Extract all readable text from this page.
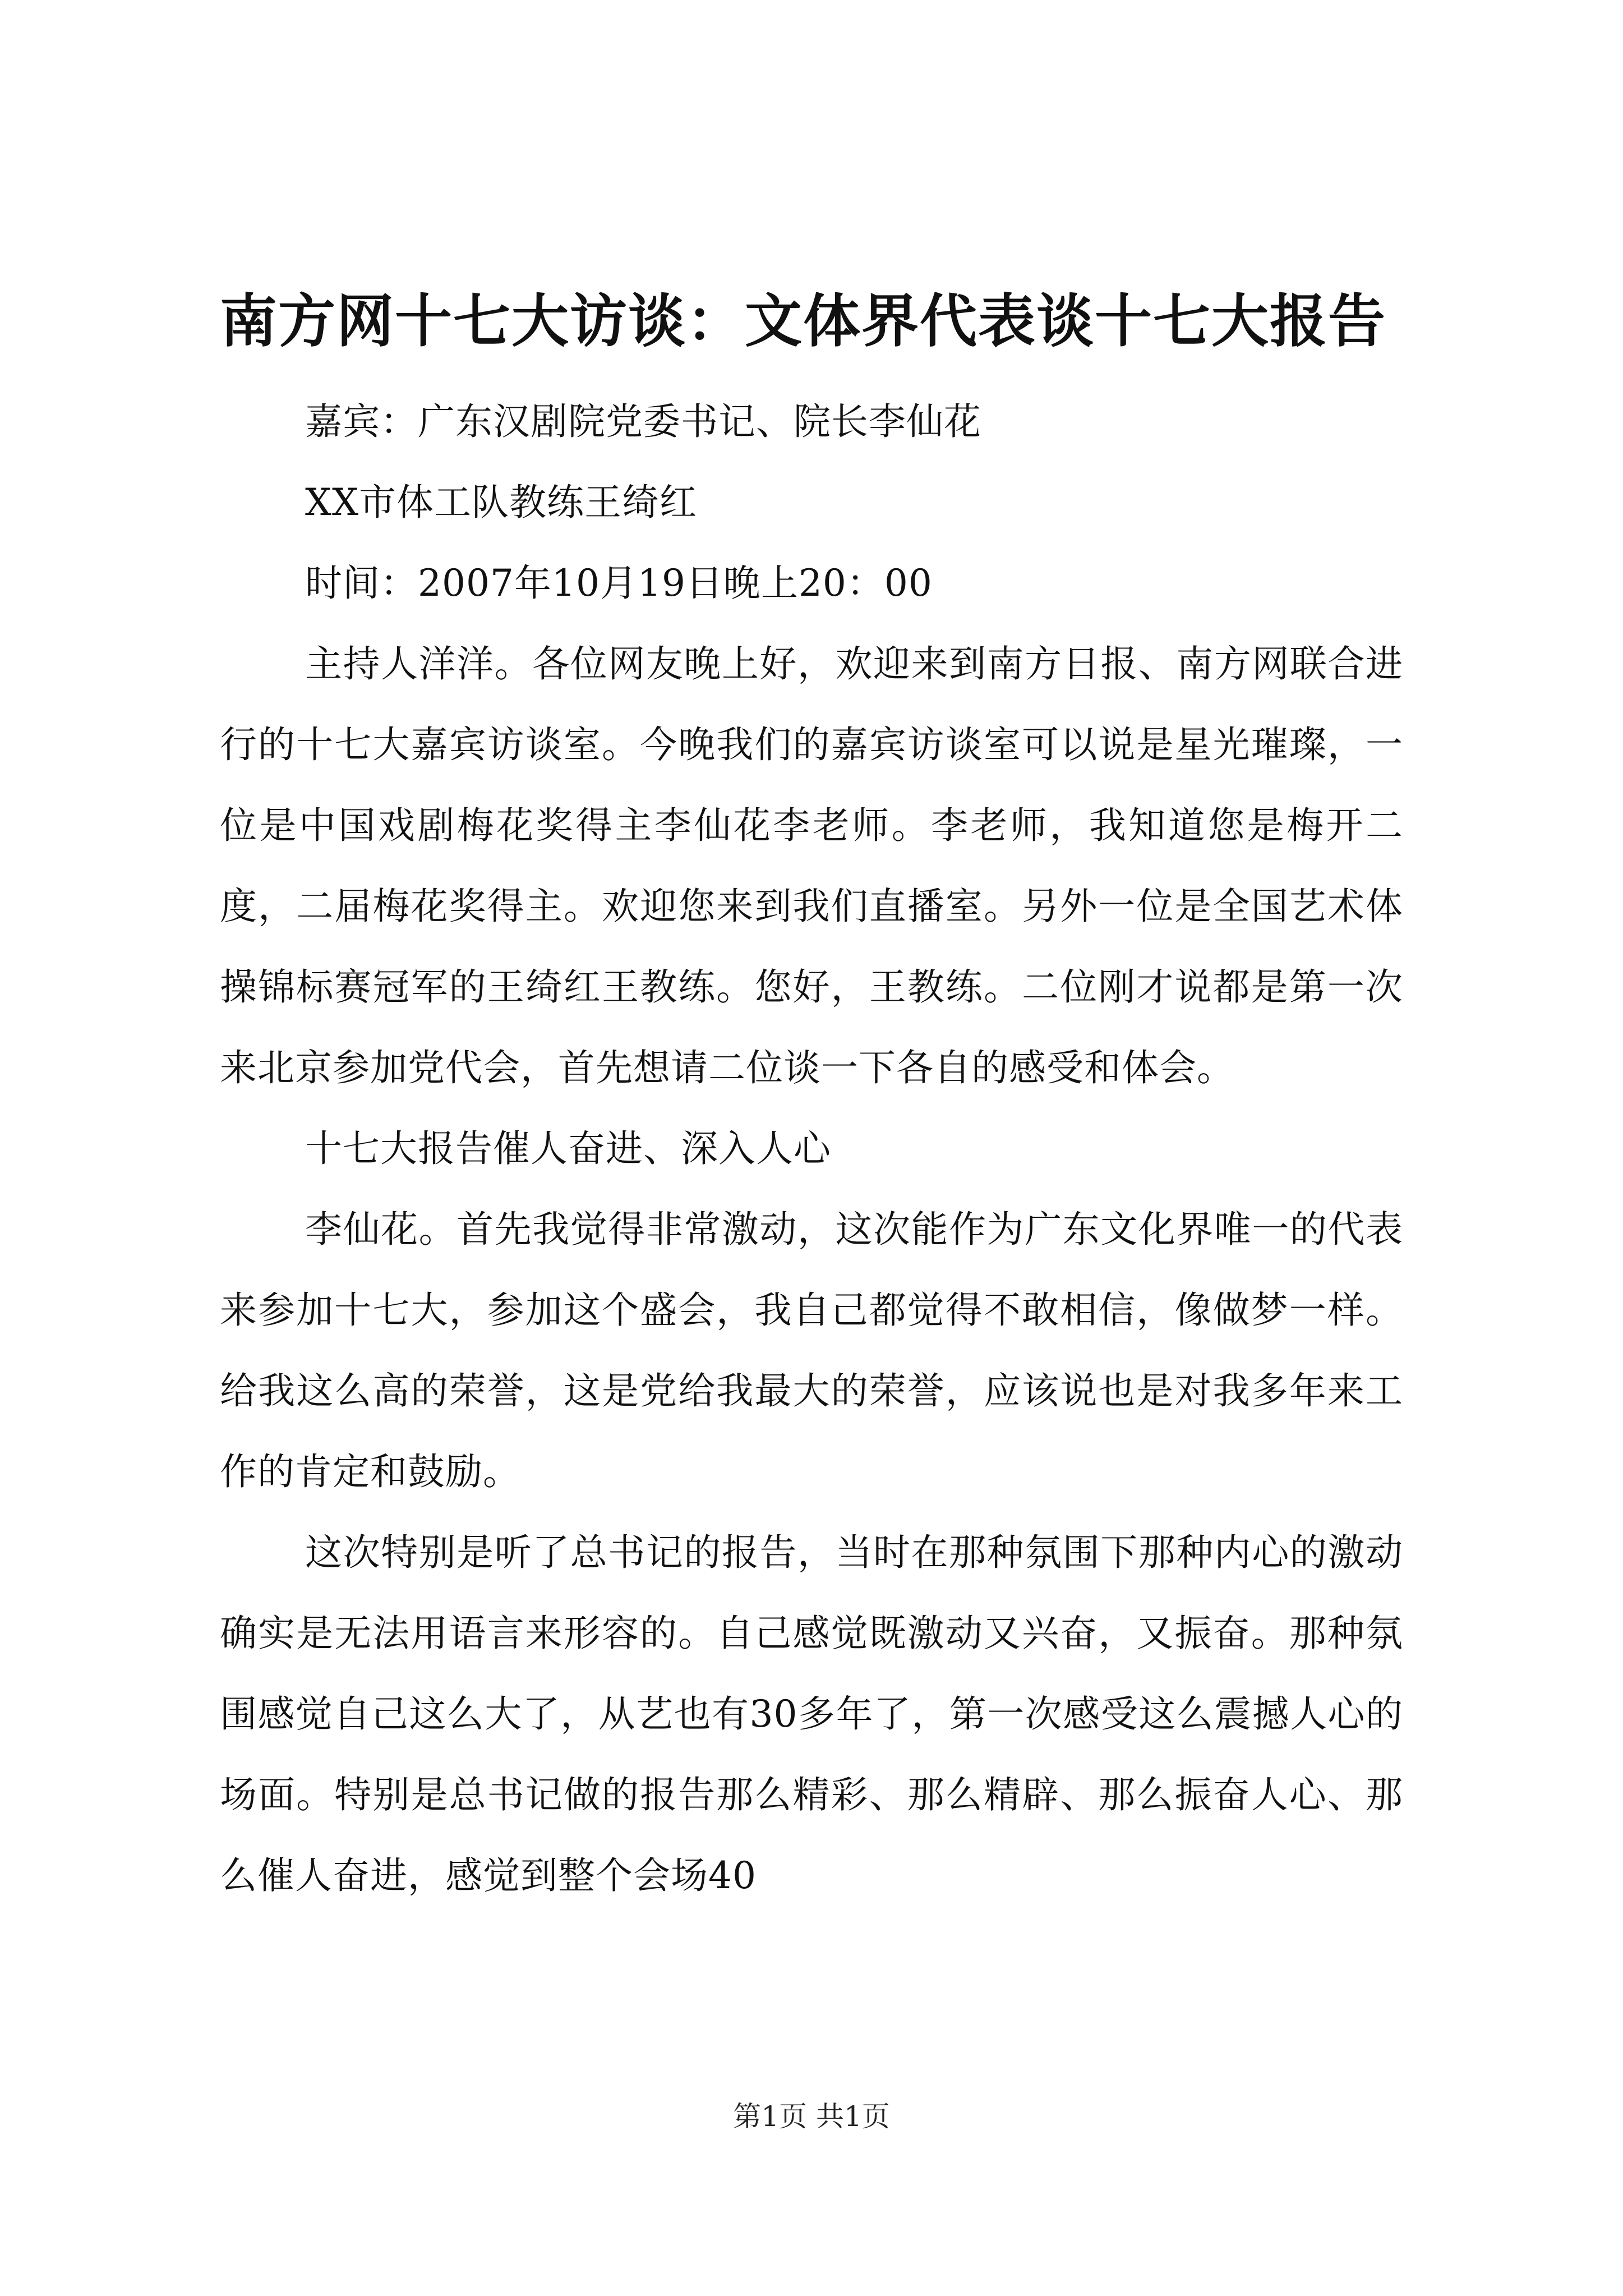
南方网十七大访谈：文体界代表谈十七大报告

嘉宾：广东汉剧院党委书记、院长李仙花

XX市体工队教练王绮红

时间：2007年10月19日晚上20：00

主持人洋洋。各位网友晚上好，欢迎来到南方日报、南方网联合进行的十七大嘉宾访谈室。今晚我们的嘉宾访谈室可以说是星光璀璨，一位是中国戏剧梅花奖得主李仙花李老师。李老师，我知道您是梅开二度，二届梅花奖得主。欢迎您来到我们直播室。另外一位是全国艺术体操锦标赛冠军的王绮红王教练。您好，王教练。二位刚才说都是第一次来北京参加党代会，首先想请二位谈一下各自的感受和体会。

十七大报告催人奋进、深入人心

李仙花。首先我觉得非常激动，这次能作为广东文化界唯一的代表来参加十七大，参加这个盛会，我自己都觉得不敢相信，像做梦一样。给我这么高的荣誉，这是党给我最大的荣誉，应该说也是对我多年来工作的肯定和鼓励。

这次特别是听了总书记的报告，当时在那种氛围下那种内心的激动确实是无法用语言来形容的。自己感觉既激动又兴奋，又振奋。那种氛围感觉自己这么大了，从艺也有30多年了，第一次感受这么震撼人心的场面。特别是总书记做的报告那么精彩、那么精辟、那么振奋人心、那么催人奋进，感觉到整个会场40

第1页 共1页
